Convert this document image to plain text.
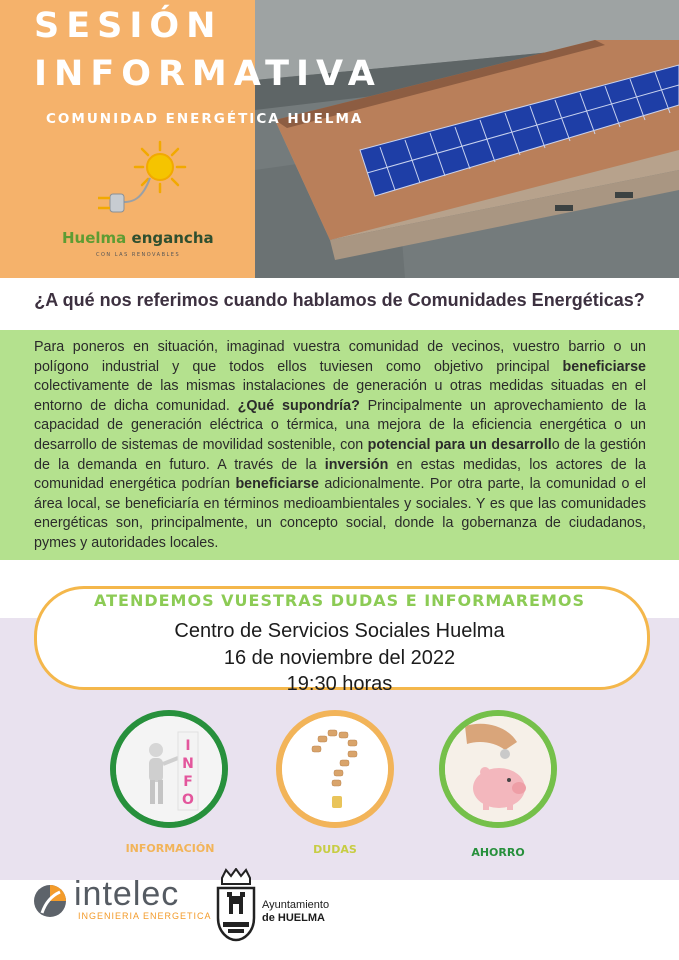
SESIÓN
INFORMATIVA
COMUNIDAD ENERGÉTICA HUELMA
Huelma engancha
CON LAS RENOVABLES
¿A qué nos referimos cuando hablamos de Comunidades Energéticas?

Para poneros en situación, imaginad vuestra comunidad de vecinos, vuestro barrio o un polígono industrial y que todos ellos tuviesen como objetivo principal beneficiarse colectivamente de las mismas instalaciones de generación u otras medidas situadas en el entorno de dicha comunidad. ¿Qué supondría? Principalmente un aprovechamiento de la capacidad de generación eléctrica o térmica, una mejora de la eficiencia energética o un desarrollo de sistemas de movilidad sostenible, con potencial para un desarrollo de la gestión de la demanda en futuro. A través de la inversión en estas medidas, los actores de la comunidad energética podrían beneficiarse adicionalmente. Por otra parte, la comunidad o el área local, se beneficiaría en términos medioambientales y sociales. Y es que las comunidades energéticas son, principalmente, un concepto social, donde la gobernanza de ciudadanos, pymes y autoridades locales.

ATENDEMOS VUESTRAS DUDAS E INFORMAREMOS
Centro de Servicios Sociales Huelma
16 de noviembre del 2022
19:30 horas
I
N
F
O
INFORMACIÓN	DUDAS	AHORRO
intelec
INGENIERIA ENERGETICA
Ayuntamiento
de HUELMA
